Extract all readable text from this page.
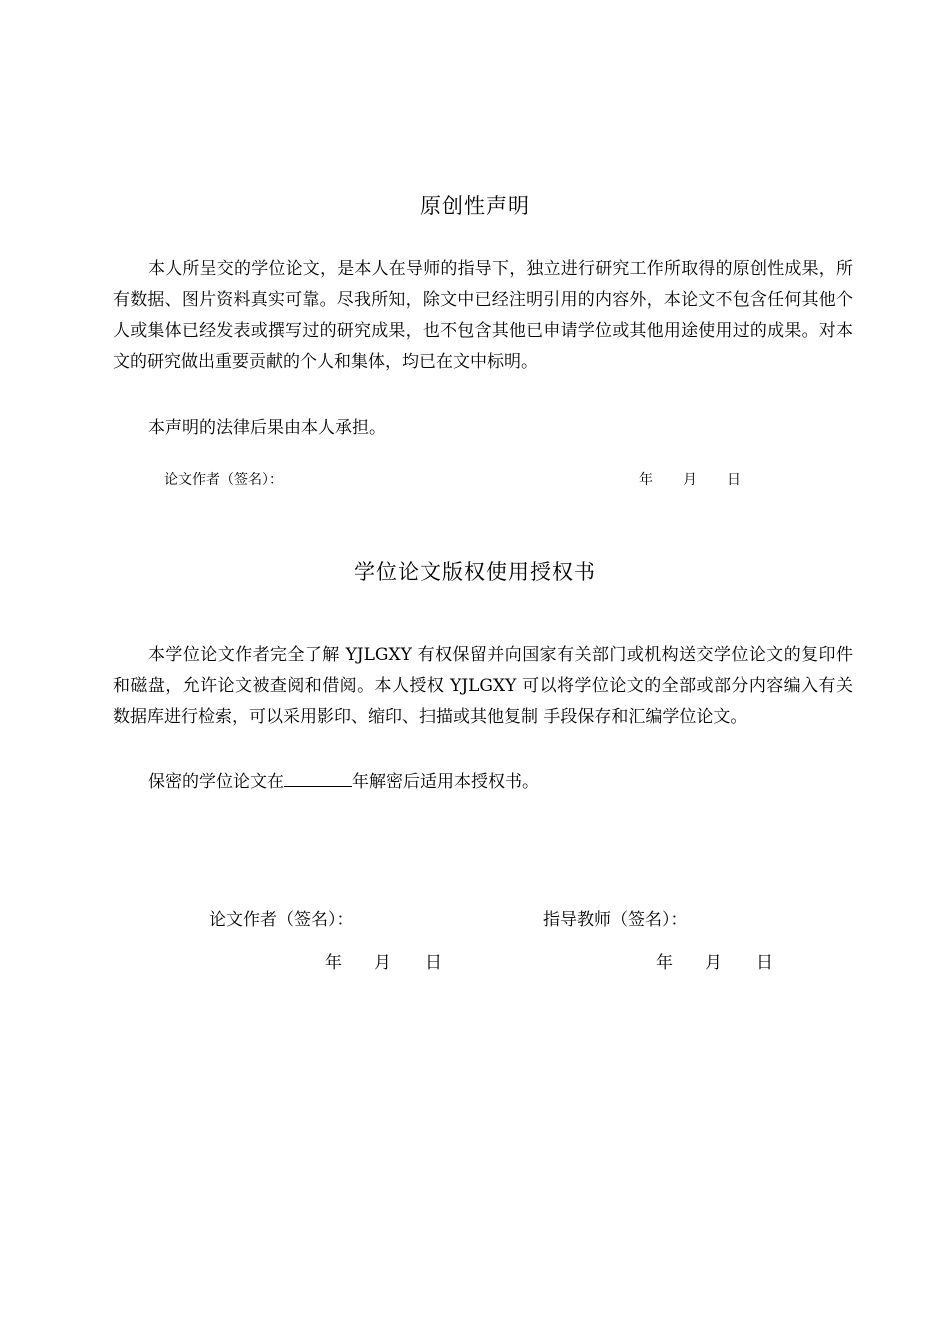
原创性声明

本人所呈交的学位论文，是本人在导师的指导下，独立进行研究工作所取得的原创性成果，所有数据、图片资料真实可靠。尽我所知，除文中已经注明引用的内容外，本论文不包含任何其他个人或集体已经发表或撰写过的研究成果，也不包含其他已申请学位或其他用途使用过的成果。对本文的研究做出重要贡献的个人和集体，均已在文中标明。

本声明的法律后果由本人承担。

论文作者（签名）：	年 月 日

学位论文版权使用授权书

本学位论文作者完全了解 YJLGXY 有权保留并向国家有关部门或机构送交学位论文的复印件和磁盘，允许论文被查阅和借阅。本人授权 YJLGXY 可以将学位论文的全部或部分内容编入有关数据库进行检索，可以采用影印、缩印、扫描或其他复制 手段保存和汇编学位论文。

保密的学位论文在	年解密后适用本授权书。

论文作者（签名）：	指导教师（签名）：

年 月 日	年 月 日
